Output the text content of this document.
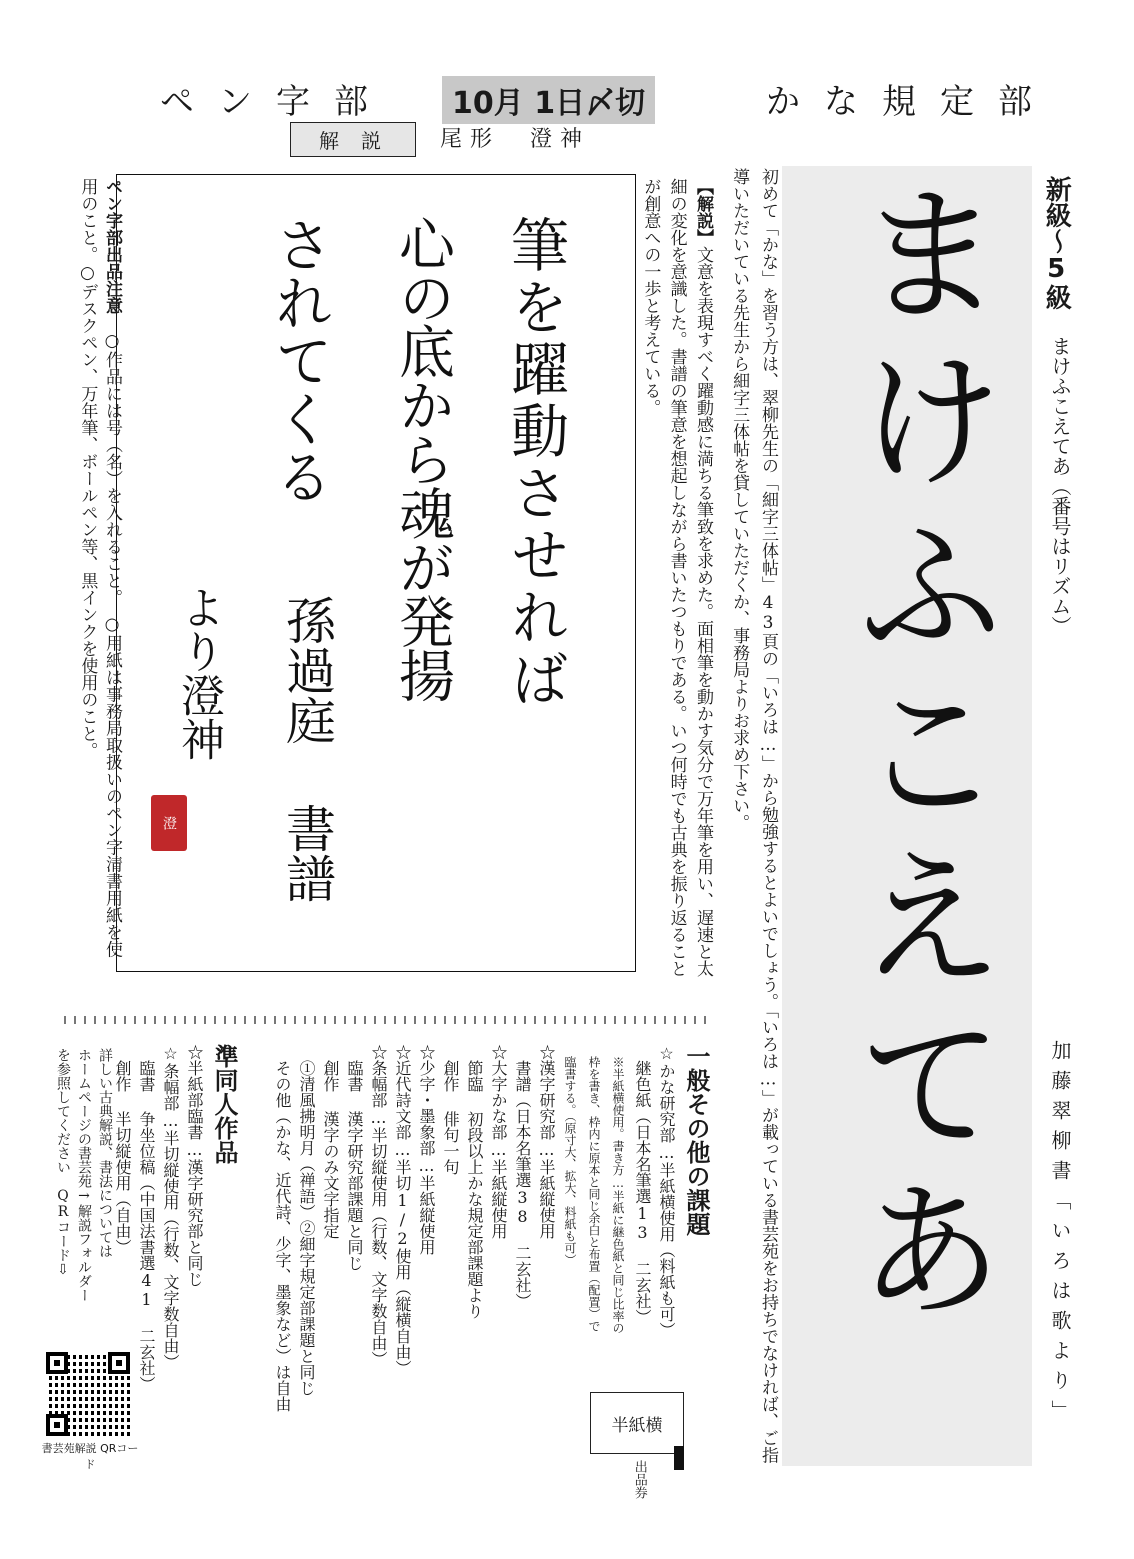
ペン字部	10月 1日〆切	かな規定部
解説	尾形　澄神
筆を躍動させれば
心の底から魂が発揚
されてくる
孫過庭 書譜
より澄神
澄
【解説】文意を表現すべく躍動感に満ちる筆致を求めた。面相筆を動かす気分で万年筆を用い、遅速と太細の変化を意識した。書譜の筆意を想起しながら書いたつもりである。いつ何時でも古典を振り返ることが創意への一歩と考えている。
ペン字部出品注意　○作品には号（名）を入れること。　○用紙は事務局取扱いのペン字清書用紙を使用のこと。○デスクペン、万年筆、ボールペン等、黒インクを使用のこと。	初めて「かな」を習う方は、翠柳先生の「細字三体帖」43頁の「いろは…」から勉強するとよいでしょう。「いろは…」が載っている書芸苑をお持ちでなければ、ご指導いただいている先生から細字三体帖を貸していただくか、事務局よりお求め下さい。 まけふこえてあ
新級〜5級
まけふこえてあ（番号はリズム）
加藤翠柳書「いろは歌より」
一般その他の課題
☆かな研究部…半紙横使用（料紙も可）
　継色紙（日本名筆選13 二玄社）
　※半紙横使用。書き方…半紙に継色紙と同じ比率の
　枠を書き、枠内に原本と同じ余白と布置（配置）で
　臨書する。（原寸大、拡大、料紙も可）
☆漢字研究部…半紙縦使用
　書譜（日本名筆選38 二玄社）
☆大字かな部…半紙縦使用
　節臨 初段以上かな規定部課題より
　創作 俳句一句
☆少字・墨象部…半紙縦使用
☆近代詩文部…半切1/2使用（縦横自由）
☆条幅部…半切縦使用（行数、文字数自由）
　臨書 漢字研究部課題と同じ
　創作 漢字のみ文字指定
　①清風拂明月（禅語）②細字規定部課題と同じ
　その他（かな、近代詩、少字、墨象など）は自由
半紙横
出品券
準同人作品
☆半紙部臨書…漢字研究部と同じ
☆条幅部…半切縦使用（行数、文字数自由）
　臨書 争坐位稿（中国法書選41 二玄社）
　創作 半切縦使用（自由）
詳しい古典解説、書法については
ホームページの書芸苑→解説フォルダー
を参照してください　QRコード⇩
書芸苑解説 QRコード
